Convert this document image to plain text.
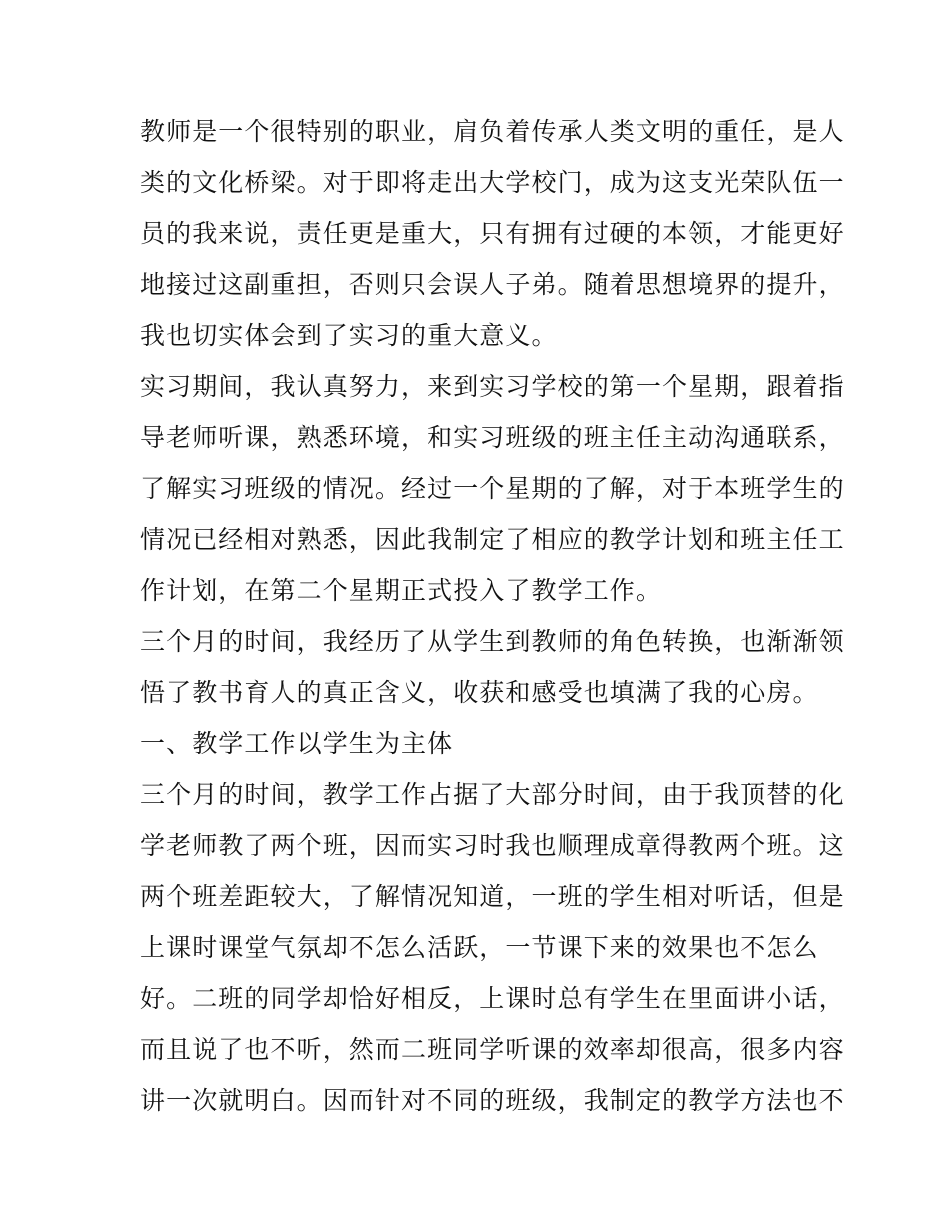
教师是一个很特别的职业，肩负着传承人类文明的重任，是人
类的文化桥梁。对于即将走出大学校门，成为这支光荣队伍一
员的我来说，责任更是重大，只有拥有过硬的本领，才能更好
地接过这副重担，否则只会误人子弟。随着思想境界的提升，
我也切实体会到了实习的重大意义。
实习期间，我认真努力，来到实习学校的第一个星期，跟着指
导老师听课，熟悉环境，和实习班级的班主任主动沟通联系，
了解实习班级的情况。经过一个星期的了解，对于本班学生的
情况已经相对熟悉，因此我制定了相应的教学计划和班主任工
作计划，在第二个星期正式投入了教学工作。
三个月的时间，我经历了从学生到教师的角色转换，也渐渐领
悟了教书育人的真正含义，收获和感受也填满了我的心房。
一、教学工作以学生为主体
三个月的时间，教学工作占据了大部分时间，由于我顶替的化
学老师教了两个班，因而实习时我也顺理成章得教两个班。这
两个班差距较大，了解情况知道，一班的学生相对听话，但是
上课时课堂气氛却不怎么活跃，一节课下来的效果也不怎么
好。二班的同学却恰好相反，上课时总有学生在里面讲小话，
而且说了也不听，然而二班同学听课的效率却很高，很多内容
讲一次就明白。因而针对不同的班级，我制定的教学方法也不
